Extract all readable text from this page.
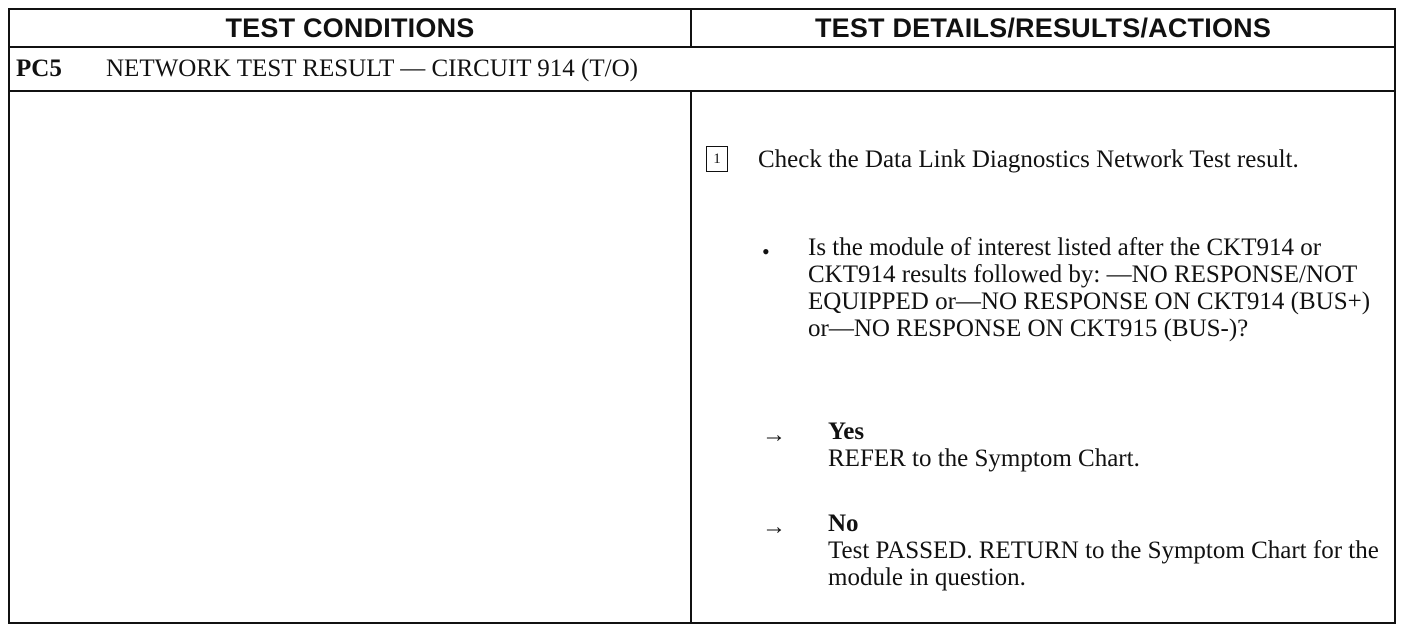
TEST CONDITIONS	TEST DETAILS/RESULTS/ACTIONS
PC5	NETWORK TEST RESULT — CIRCUIT 914 (T/O)
1 Check the Data Link Diagnostics Network Test result.
• Is the module of interest listed after the CKT914 or CKT914 results followed by: —NO RESPONSE/NOT EQUIPPED or—NO RESPONSE ON CKT914 (BUS+) or—NO RESPONSE ON CKT915 (BUS-)?
→ Yes
REFER to the Symptom Chart.
→ No
Test PASSED. RETURN to the Symptom Chart for the module in question.
